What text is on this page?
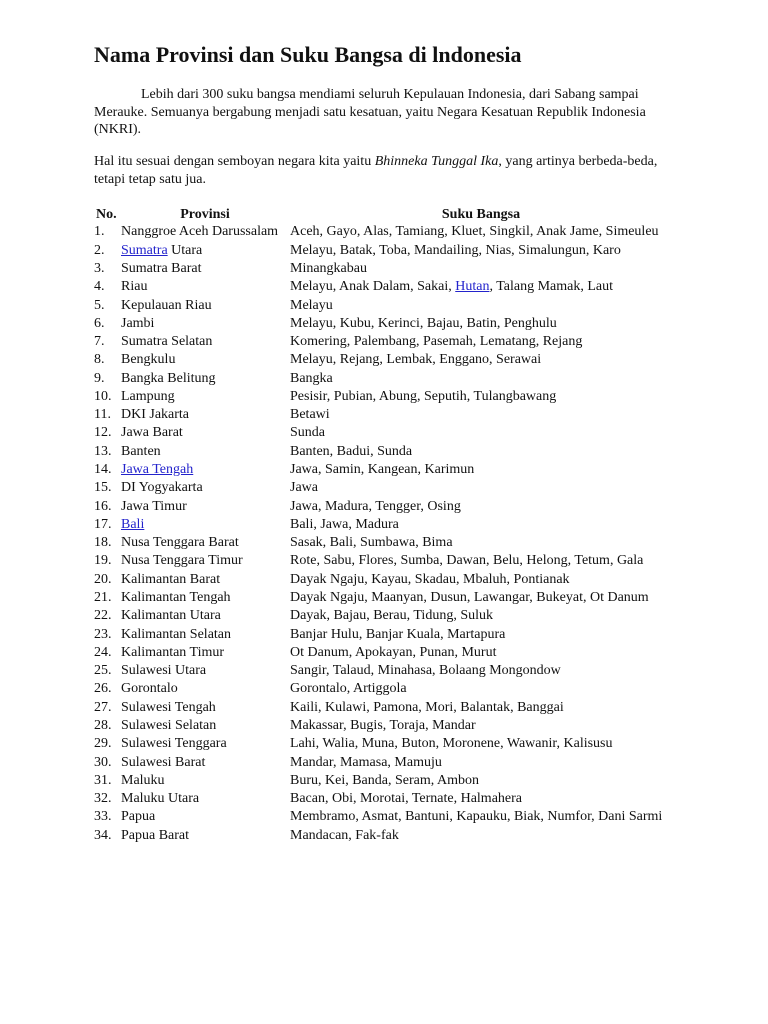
Nama Provinsi dan Suku Bangsa di lndonesia

Lebih dari 300 suku bangsa mendiami seluruh Kepulauan Indonesia, dari Sabang sampai Merauke. Semuanya bergabung menjadi satu kesatuan, yaitu Negara Kesatuan Republik Indonesia (NKRI).

Hal itu sesuai dengan semboyan negara kita yaitu Bhinneka Tunggal Ika, yang artinya berbeda-beda, tetapi tetap satu jua.

No.	Provinsi	Suku Bangsa
1.	Nanggroe Aceh Darussalam	Aceh, Gayo, Alas, Tamiang, Kluet, Singkil, Anak Jame, Simeuleu
2.	Sumatra Utara	Melayu, Batak, Toba, Mandailing, Nias, Simalungun, Karo
3.	Sumatra Barat	Minangkabau
4.	Riau	Melayu, Anak Dalam, Sakai, Hutan, Talang Mamak, Laut
5.	Kepulauan Riau	Melayu
6.	Jambi	Melayu, Kubu, Kerinci, Bajau, Batin, Penghulu
7.	Sumatra Selatan	Komering, Palembang, Pasemah, Lematang, Rejang
8.	Bengkulu	Melayu, Rejang, Lembak, Enggano, Serawai
9.	Bangka Belitung	Bangka
10.	Lampung	Pesisir, Pubian, Abung, Seputih, Tulangbawang
11.	DKI Jakarta	Betawi
12.	Jawa Barat	Sunda
13.	Banten	Banten, Badui, Sunda
14.	Jawa Tengah	Jawa, Samin, Kangean, Karimun
15.	DI Yogyakarta	Jawa
16.	Jawa Timur	Jawa, Madura, Tengger, Osing
17.	Bali	Bali, Jawa, Madura
18.	Nusa Tenggara Barat	Sasak, Bali, Sumbawa, Bima
19.	Nusa Tenggara Timur	Rote, Sabu, Flores, Sumba, Dawan, Belu, Helong, Tetum, Gala
20.	Kalimantan Barat	Dayak Ngaju, Kayau, Skadau, Mbaluh, Pontianak
21.	Kalimantan Tengah	Dayak Ngaju, Maanyan, Dusun, Lawangar, Bukeyat, Ot Danum
22.	Kalimantan Utara	Dayak, Bajau, Berau, Tidung, Suluk
23.	Kalimantan Selatan	Banjar Hulu, Banjar Kuala, Martapura
24.	Kalimantan Timur	Ot Danum, Apokayan, Punan, Murut
25.	Sulawesi Utara	Sangir, Talaud, Minahasa, Bolaang Mongondow
26.	Gorontalo	Gorontalo, Artiggola
27.	Sulawesi Tengah	Kaili, Kulawi, Pamona, Mori, Balantak, Banggai
28.	Sulawesi Selatan	Makassar, Bugis, Toraja, Mandar
29.	Sulawesi Tenggara	Lahi, Walia, Muna, Buton, Moronene, Wawanir, Kalisusu
30.	Sulawesi Barat	Mandar, Mamasa, Mamuju
31.	Maluku	Buru, Kei, Banda, Seram, Ambon
32.	Maluku Utara	Bacan, Obi, Morotai, Ternate, Halmahera
33.	Papua	Membramo, Asmat, Bantuni, Kapauku, Biak, Numfor, Dani Sarmi
34.	Papua Barat	Mandacan, Fak-fak
